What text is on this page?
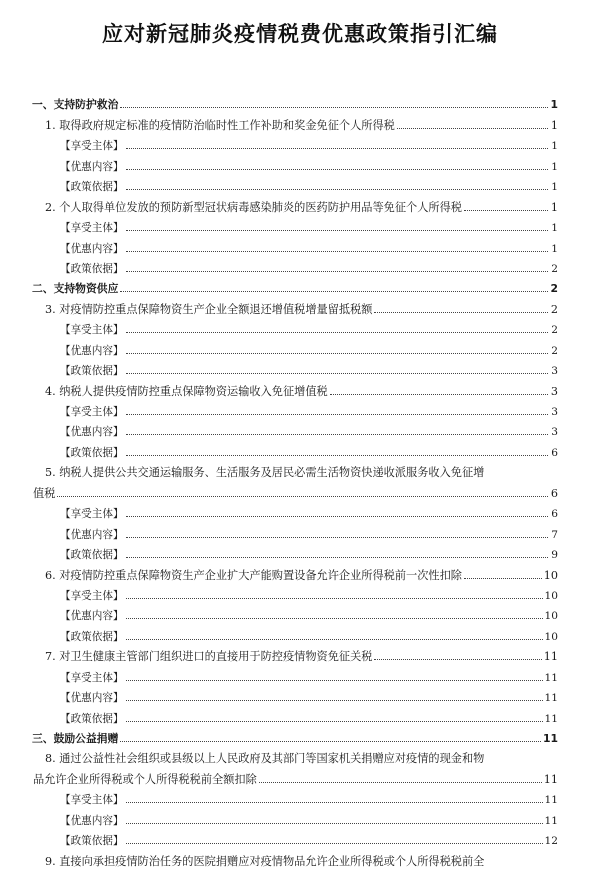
应对新冠肺炎疫情税费优惠政策指引汇编
一、支持防护救治	1
1. 取得政府规定标准的疫情防治临时性工作补助和奖金免征个人所得税	1
【享受主体】	1
【优惠内容】	1
【政策依据】	1
2. 个人取得单位发放的预防新型冠状病毒感染肺炎的医药防护用品等免征个人所得税	1
【享受主体】	1
【优惠内容】	1
【政策依据】	2
二、支持物资供应	2
3. 对疫情防控重点保障物资生产企业全额退还增值税增量留抵税额	2
【享受主体】	2
【优惠内容】	2
【政策依据】	3
4. 纳税人提供疫情防控重点保障物资运输收入免征增值税	3
【享受主体】	3
【优惠内容】	3
【政策依据】	6
5. 纳税人提供公共交通运输服务、生活服务及居民必需生活物资快递收派服务收入免征增
值税	6
【享受主体】	6
【优惠内容】	7
【政策依据】	9
6. 对疫情防控重点保障物资生产企业扩大产能购置设备允许企业所得税前一次性扣除	10
【享受主体】	10
【优惠内容】	10
【政策依据】	10
7. 对卫生健康主管部门组织进口的直接用于防控疫情物资免征关税	11
【享受主体】	11
【优惠内容】	11
【政策依据】	11
三、鼓励公益捐赠	11
8. 通过公益性社会组织或县级以上人民政府及其部门等国家机关捐赠应对疫情的现金和物
品允许企业所得税或个人所得税税前全额扣除	11
【享受主体】	11
【优惠内容】	11
【政策依据】	12
9. 直接向承担疫情防治任务的医院捐赠应对疫情物品允许企业所得税或个人所得税税前全
